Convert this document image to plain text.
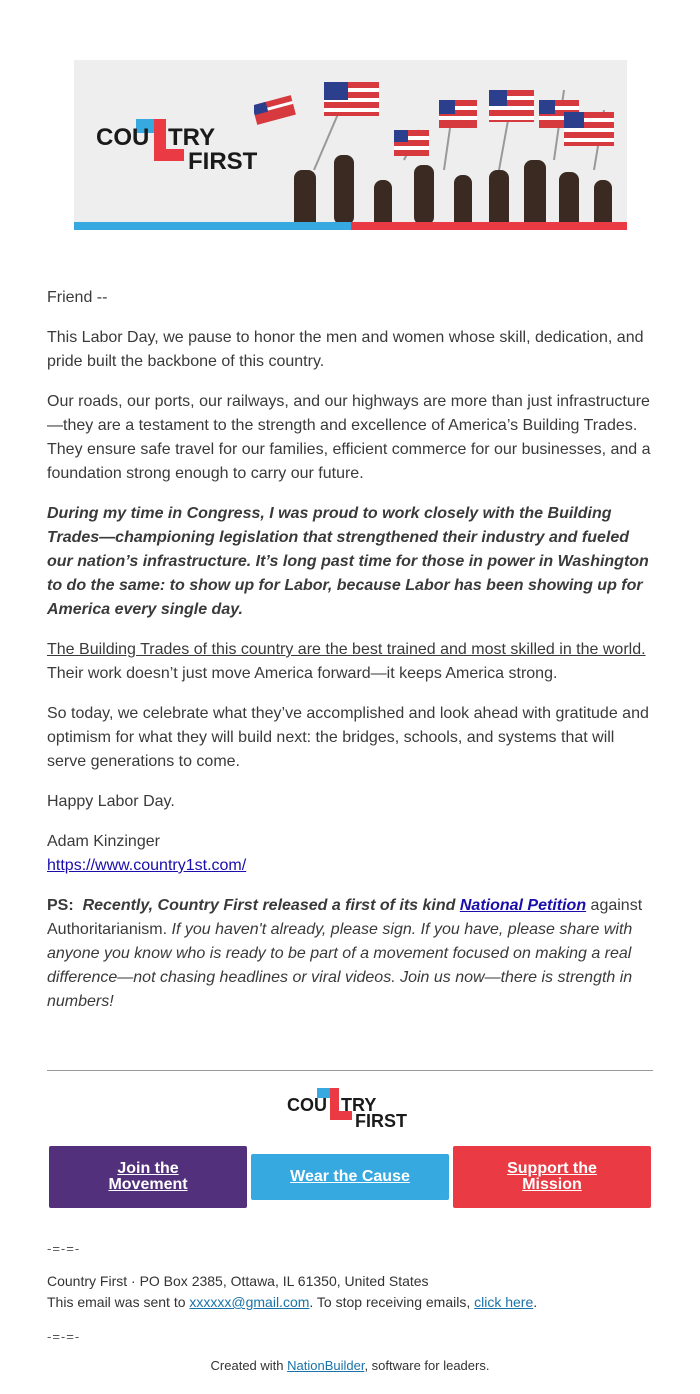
COU TRY
FIRST

Friend --

This Labor Day, we pause to honor the men and women whose skill, dedication, and pride built the backbone of this country.

Our roads, our ports, our railways, and our highways are more than just infrastructure—they are a testament to the strength and excellence of America’s Building Trades. They ensure safe travel for our families, efficient commerce for our businesses, and a foundation strong enough to carry our future.

During my time in Congress, I was proud to work closely with the Building Trades—championing legislation that strengthened their industry and fueled our nation’s infrastructure. It’s long past time for those in power in Washington to do the same: to show up for Labor, because Labor has been showing up for America every single day.

The Building Trades of this country are the best trained and most skilled in the world. Their work doesn’t just move America forward—it keeps America strong.

So today, we celebrate what they’ve accomplished and look ahead with gratitude and optimism for what they will build next: the bridges, schools, and systems that will serve generations to come.

Happy Labor Day.

Adam Kinzinger
https://www.country1st.com/

PS: Recently, Country First released a first of its kind National Petition against Authoritarianism. If you haven't already, please sign. If you have, please share with anyone you know who is ready to be part of a movement focused on making a real difference—not chasing headlines or viral videos. Join us now—there is strength in numbers!

COU TRY
FIRST
Join the
Movement	Wear the Cause	Support the
Mission
-=-=-
Country First · PO Box 2385, Ottawa, IL 61350, United States
This email was sent to xxxxxx@gmail.com. To stop receiving emails, click here.
-=-=-
Created with NationBuilder, software for leaders.
